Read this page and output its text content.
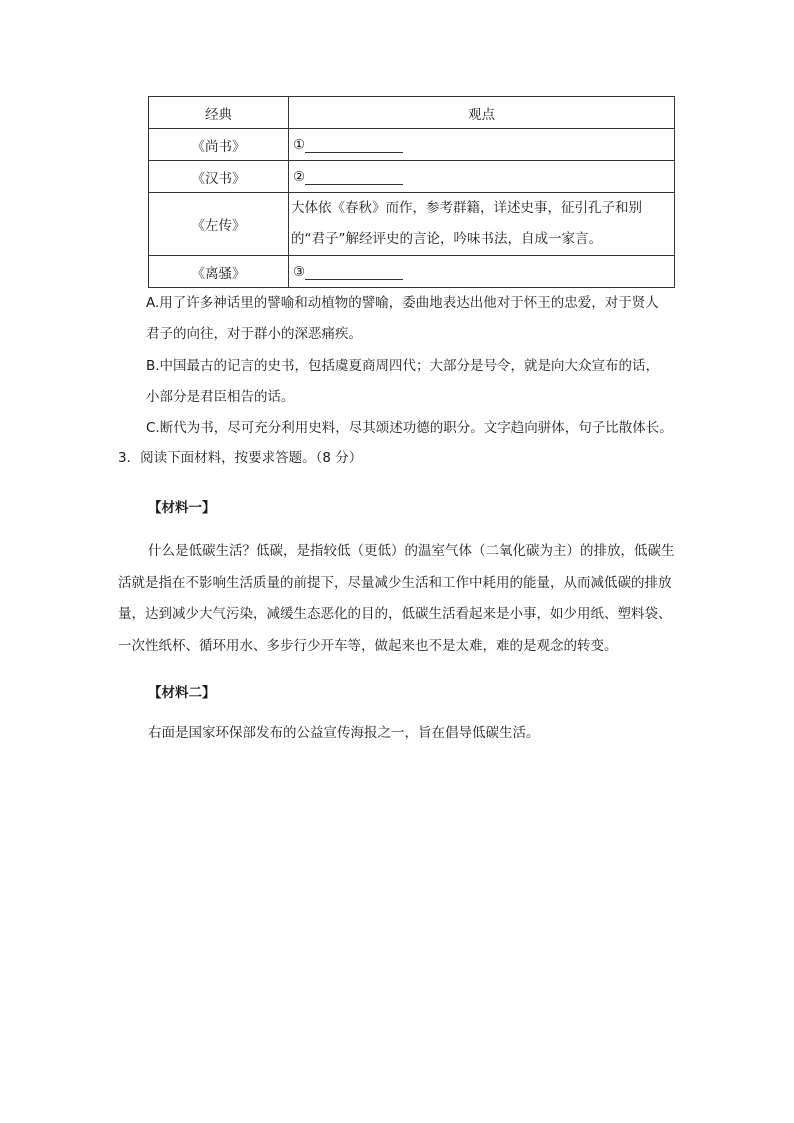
经典	观点
《尚书》	①
《汉书》	②
《左传》	大体依《春秋》而作，参考群籍，详述史事，征引孔子和别的“君子”解经评史的言论，吟味书法，自成一家言。
《离骚》	③
A.用了许多神话里的譬喻和动植物的譬喻，委曲地表达出他对于怀王的忠爱，对于贤人
君子的向往，对于群小的深恶痛疾。
B.中国最古的记言的史书，包括虞夏商周四代；大部分是号令，就是向大众宣布的话，
小部分是君臣相告的话。
C.断代为书，尽可充分利用史料，尽其颂述功德的职分。文字趋向骈体，句子比散体长。
3．阅读下面材料，按要求答题。（8 分）
【材料一】
什么是低碳生活？低碳，是指较低（更低）的温室气体（二氧化碳为主）的排放，低碳生活就是指在不影响生活质量的前提下，尽量减少生活和工作中耗用的能量，从而减低碳的排放量，达到减少大气污染，减缓生态恶化的目的，低碳生活看起来是小事，如少用纸、塑料袋、一次性纸杯、循环用水、多步行少开车等，做起来也不是太难，难的是观念的转变。
【材料二】
右面是国家环保部发布的公益宣传海报之一，旨在倡导低碳生活。
